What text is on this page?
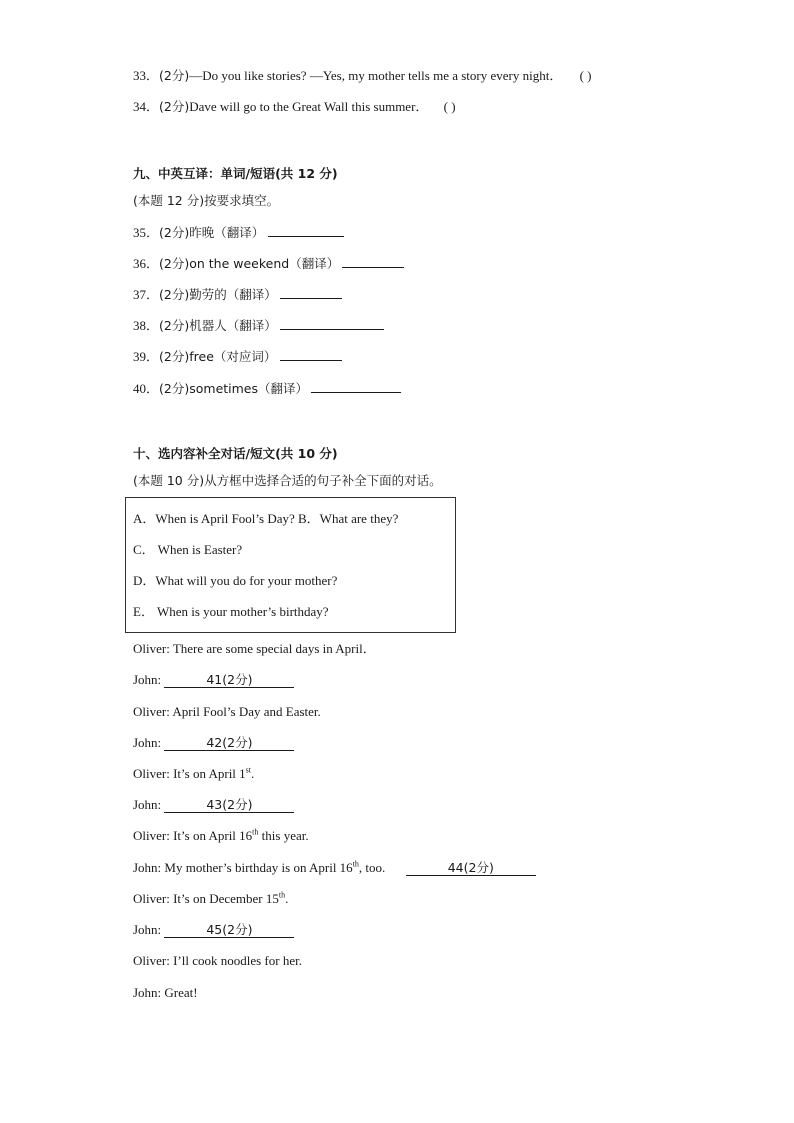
33．(2分)—Do you like stories? —Yes, my mother tells me a story every night． ( )
34．(2分)Dave will go to the Great Wall this summer． ( )
九、中英互译：单词/短语(共 12 分)
(本题 12 分)按要求填空。
35．(2分)昨晚（翻译）
36．(2分)on the weekend（翻译）
37．(2分)勤劳的（翻译）
38．(2分)机器人（翻译）
39．(2分)free（对应词）
40．(2分)sometimes（翻译）
十、选内容补全对话/短文(共 10 分)
(本题 10 分)从方框中选择合适的句子补全下面的对话。
A．When is April Fool’s Day? B．What are they?
C． When is Easter?
D．What will you do for your mother?
E． When is your mother’s birthday?
Oliver: There are some special days in April．
John:	41(2分)
Oliver: April Fool’s Day and Easter.
John:	42(2分)
Oliver: It’s on April 1st.
John:	43(2分)
Oliver: It’s on April 16th this year.
John: My mother’s birthday is on April 16th, too.	44(2分)
Oliver: It’s on December 15th.
John:	45(2分)
Oliver: I’ll cook noodles for her.
John: Great!
